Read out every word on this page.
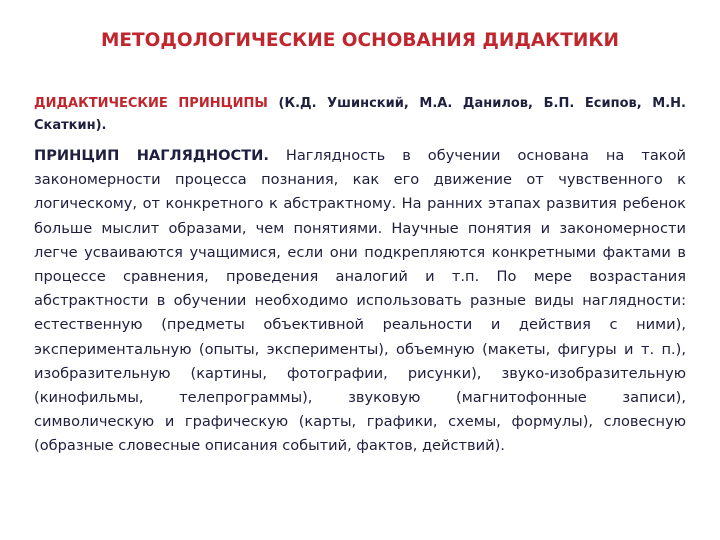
МЕТОДОЛОГИЧЕСКИЕ ОСНОВАНИЯ ДИДАКТИКИ
ДИДАКТИЧЕСКИЕ ПРИНЦИПЫ (К.Д. Ушинский, М.А. Данилов, Б.П. Есипов, М.Н. Скаткин).
ПРИНЦИП НАГЛЯДНОСТИ. Наглядность в обучении основана на такой закономерности процесса познания, как его движение от чувственного к логическому, от конкретного к абстрактному. На ранних этапах развития ребенок больше мыслит образами, чем понятиями. Научные понятия и закономерности легче усваиваются учащимися, если они подкрепляются конкретными фактами в процессе сравнения, проведения аналогий и т.п. По мере возрастания абстрактности в обучении необходимо использовать разные виды наглядности: естественную (предметы объективной реальности и действия с ними), экспериментальную (опыты, эксперименты), объемную (макеты, фигуры и т. п.), изобразительную (картины, фотографии, рисунки), звуко-изобразительную (кинофильмы, телепрограммы), звуковую (магнитофонные записи), символическую и графическую (карты, графики, схемы, формулы), словесную (образные словесные описания событий, фактов, действий).
